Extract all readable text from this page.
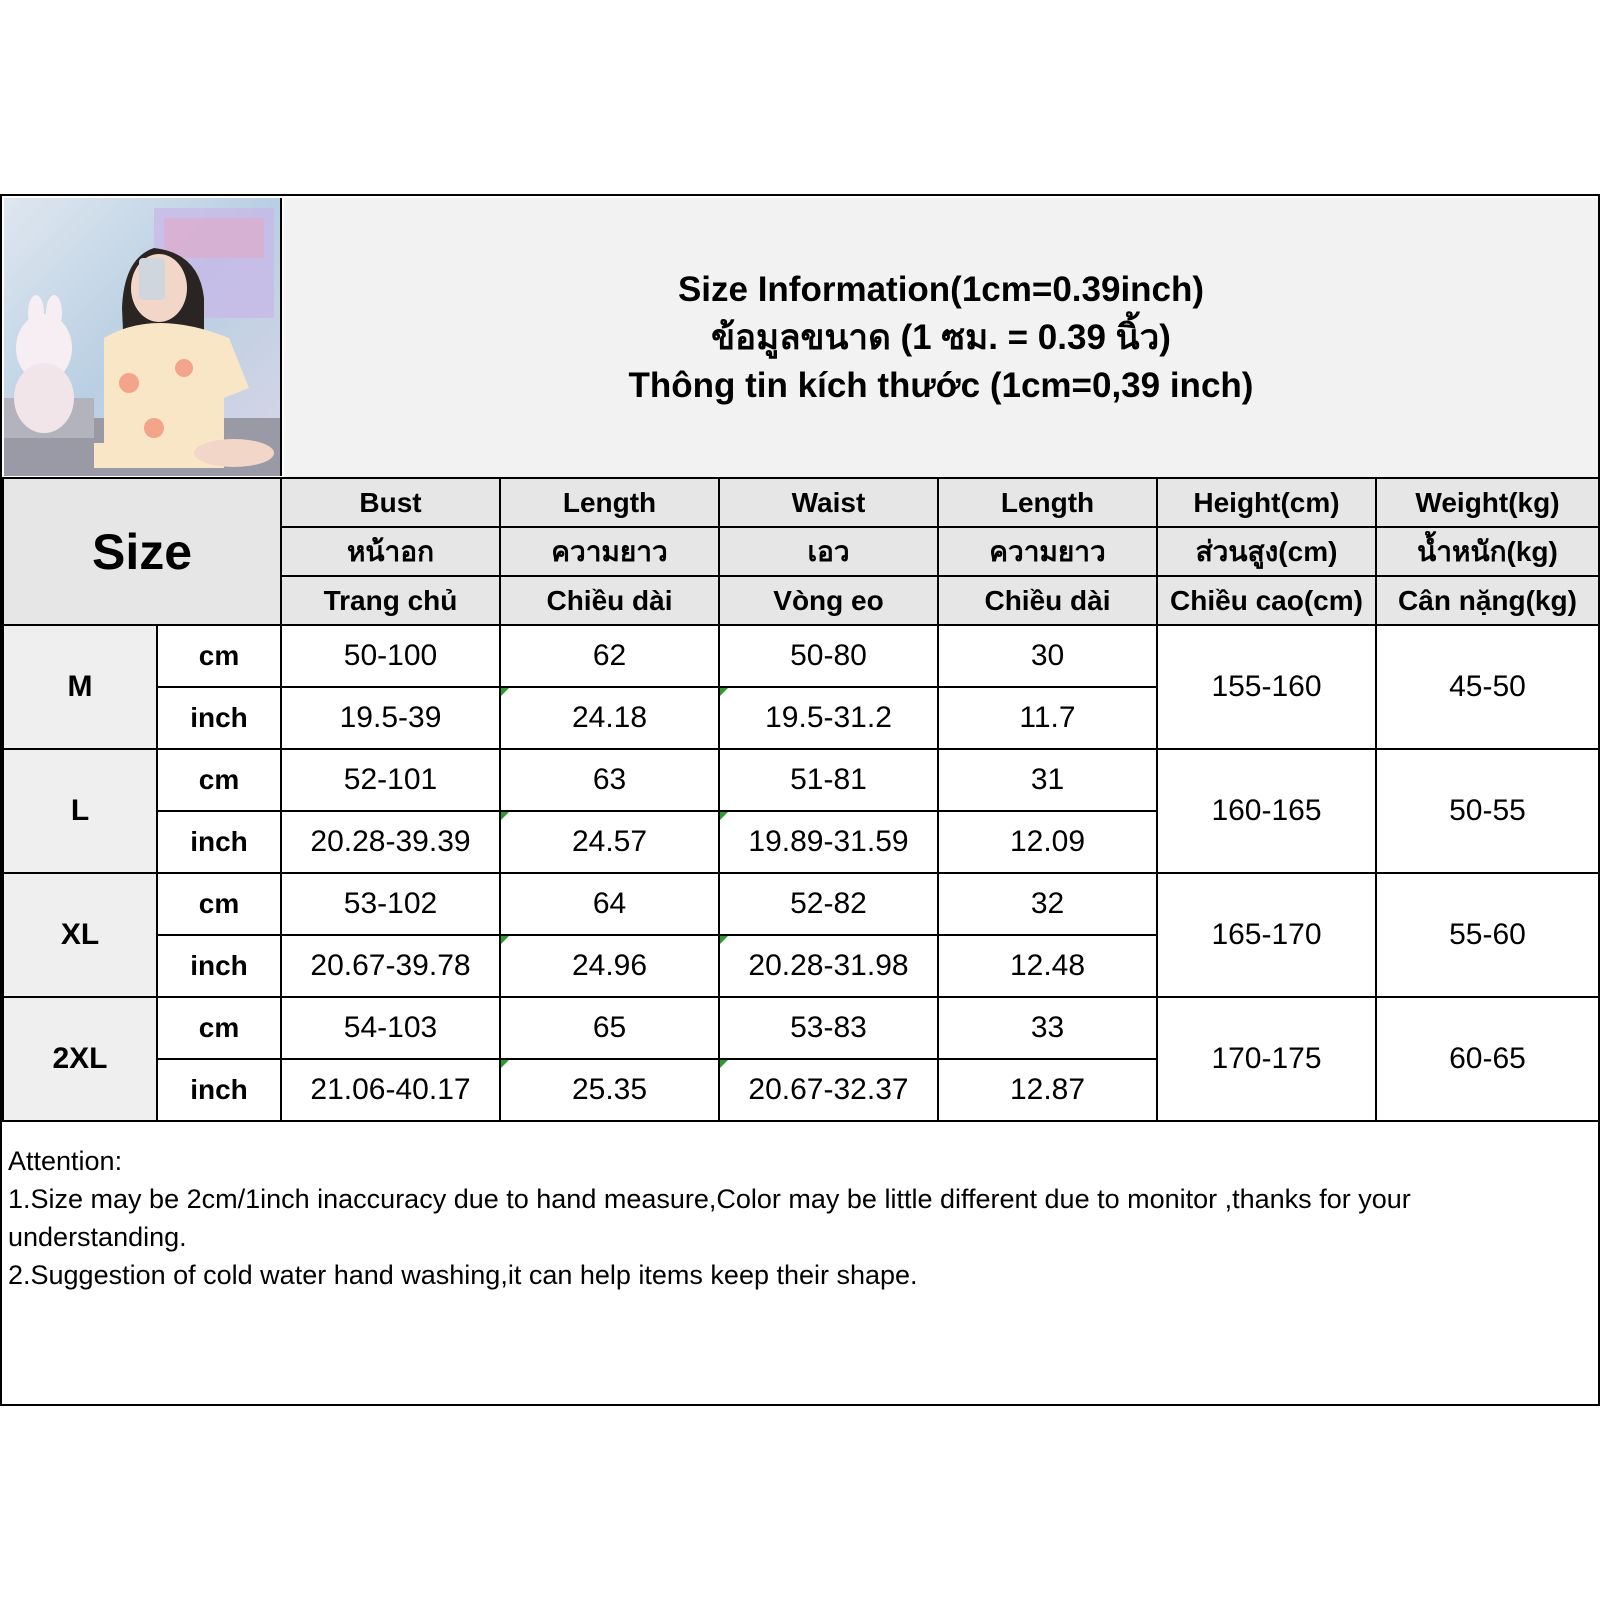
Size Information(1cm=0.39inch)
ข้อมูลขนาด (1 ซม. = 0.39 นิ้ว)
Thông tin kích thước (1cm=0,39 inch)
Size		Bust	Length	Waist	Length	Height(cm)	Weight(kg)
		หน้าอก	ความยาว	เอว	ความยาว	ส่วนสูง(cm)	น้ำหนัก(kg)
		Trang chủ	Chiều dài	Vòng eo	Chiều dài	Chiều cao(cm)	Cân nặng(kg)
M	cm	50-100	62	50-80	30	155-160	45-50
	inch	19.5-39	24.18	19.5-31.2	11.7		
L	cm	52-101	63	51-81	31	160-165	50-55
	inch	20.28-39.39	24.57	19.89-31.59	12.09		
XL	cm	53-102	64	52-82	32	165-170	55-60
	inch	20.67-39.78	24.96	20.28-31.98	12.48		
2XL	cm	54-103	65	53-83	33	170-175	60-65
	inch	21.06-40.17	25.35	20.67-32.37	12.87		
Attention:
1.Size may be 2cm/1inch inaccuracy due to hand measure,Color may be little different due to monitor ,thanks for your understanding.
2.Suggestion of cold water hand washing,it can help items keep their shape.
